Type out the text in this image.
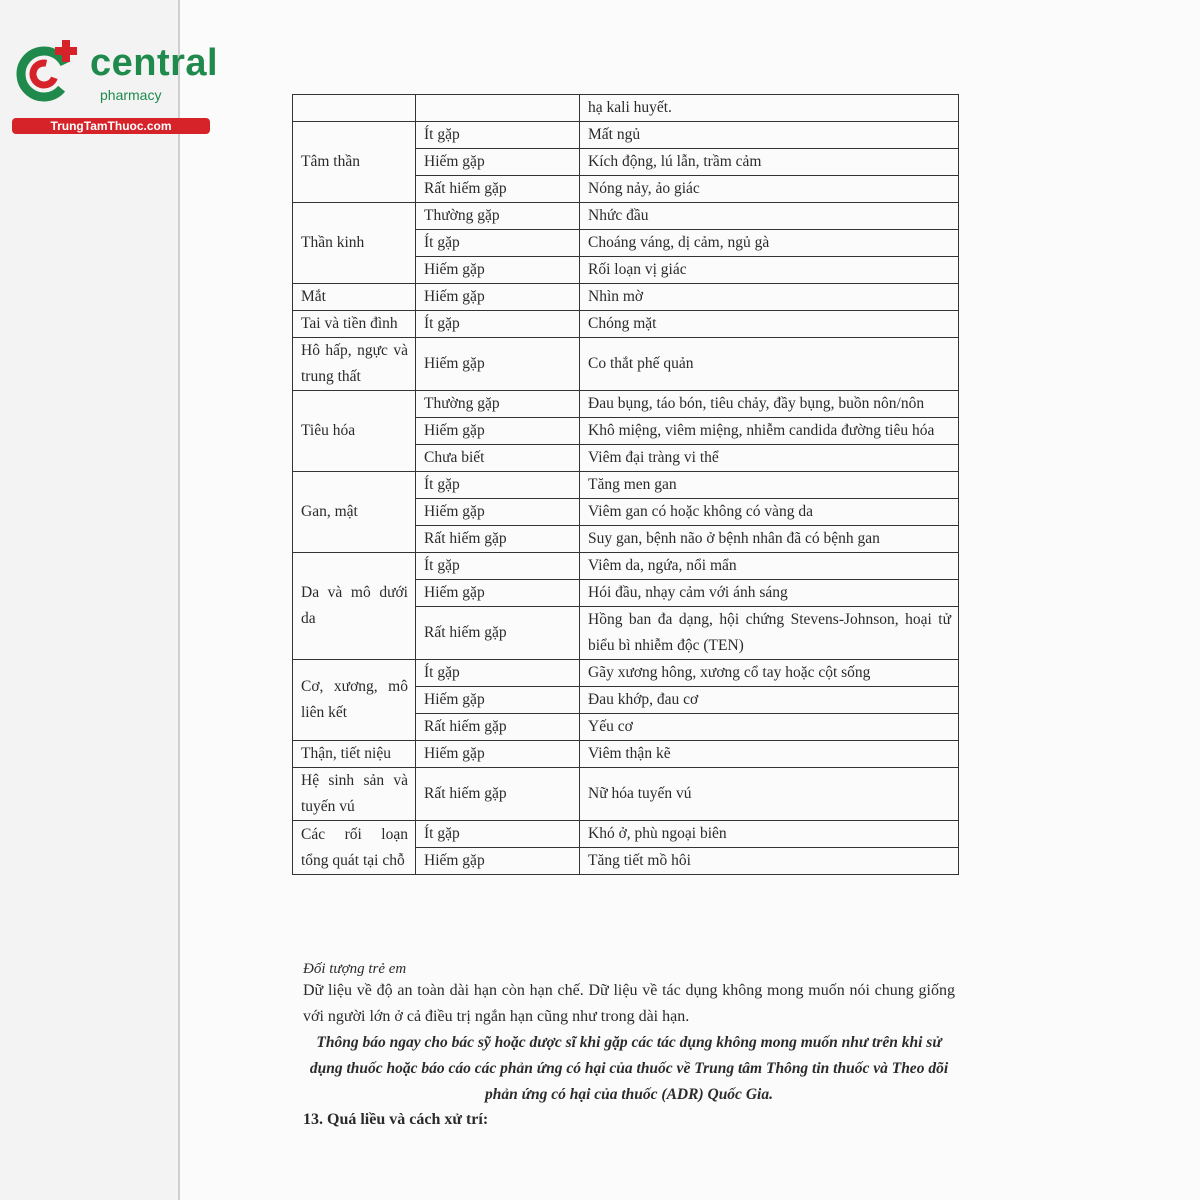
central
pharmacy
TrungTamThuoc.com
		hạ kali huyết.
Tâm thần	Ít gặp	Mất ngủ
	Hiếm gặp	Kích động, lú lẫn, trầm cảm
	Rất hiếm gặp	Nóng nảy, ảo giác
Thần kinh	Thường gặp	Nhức đầu
	Ít gặp	Choáng váng, dị cảm, ngủ gà
	Hiếm gặp	Rối loạn vị giác
Mắt	Hiếm gặp	Nhìn mờ
Tai và tiền đình	Ít gặp	Chóng mặt
Hô hấp, ngực và trung thất	Hiếm gặp	Co thắt phế quản
Tiêu hóa	Thường gặp	Đau bụng, táo bón, tiêu chảy, đầy bụng, buồn nôn/nôn
	Hiếm gặp	Khô miệng, viêm miệng, nhiễm candida đường tiêu hóa
	Chưa biết	Viêm đại tràng vi thể
Gan, mật	Ít gặp	Tăng men gan
	Hiếm gặp	Viêm gan có hoặc không có vàng da
	Rất hiếm gặp	Suy gan, bệnh não ở bệnh nhân đã có bệnh gan
Da và mô dưới da	Ít gặp	Viêm da, ngứa, nổi mẩn
	Hiếm gặp	Hói đầu, nhạy cảm với ánh sáng
	Rất hiếm gặp	Hồng ban đa dạng, hội chứng Stevens-Johnson, hoại tử biểu bì nhiễm độc (TEN)
Cơ, xương, mô liên kết	Ít gặp	Gãy xương hông, xương cổ tay hoặc cột sống
	Hiếm gặp	Đau khớp, đau cơ
	Rất hiếm gặp	Yếu cơ
Thận, tiết niệu	Hiếm gặp	Viêm thận kẽ
Hệ sinh sản và tuyến vú	Rất hiếm gặp	Nữ hóa tuyến vú
Các rối loạn tổng quát tại chỗ	Ít gặp	Khó ở, phù ngoại biên
	Hiếm gặp	Tăng tiết mồ hôi
Đối tượng trẻ em
Dữ liệu về độ an toàn dài hạn còn hạn chế. Dữ liệu về tác dụng không mong muốn nói chung giống với người lớn ở cả điều trị ngắn hạn cũng như trong dài hạn.
Thông báo ngay cho bác sỹ hoặc dược sĩ khi gặp các tác dụng không mong muốn như trên khi sử dụng thuốc hoặc báo cáo các phản ứng có hại của thuốc về Trung tâm Thông tin thuốc và Theo dõi phản ứng có hại của thuốc (ADR) Quốc Gia.
13. Quá liều và cách xử trí:
